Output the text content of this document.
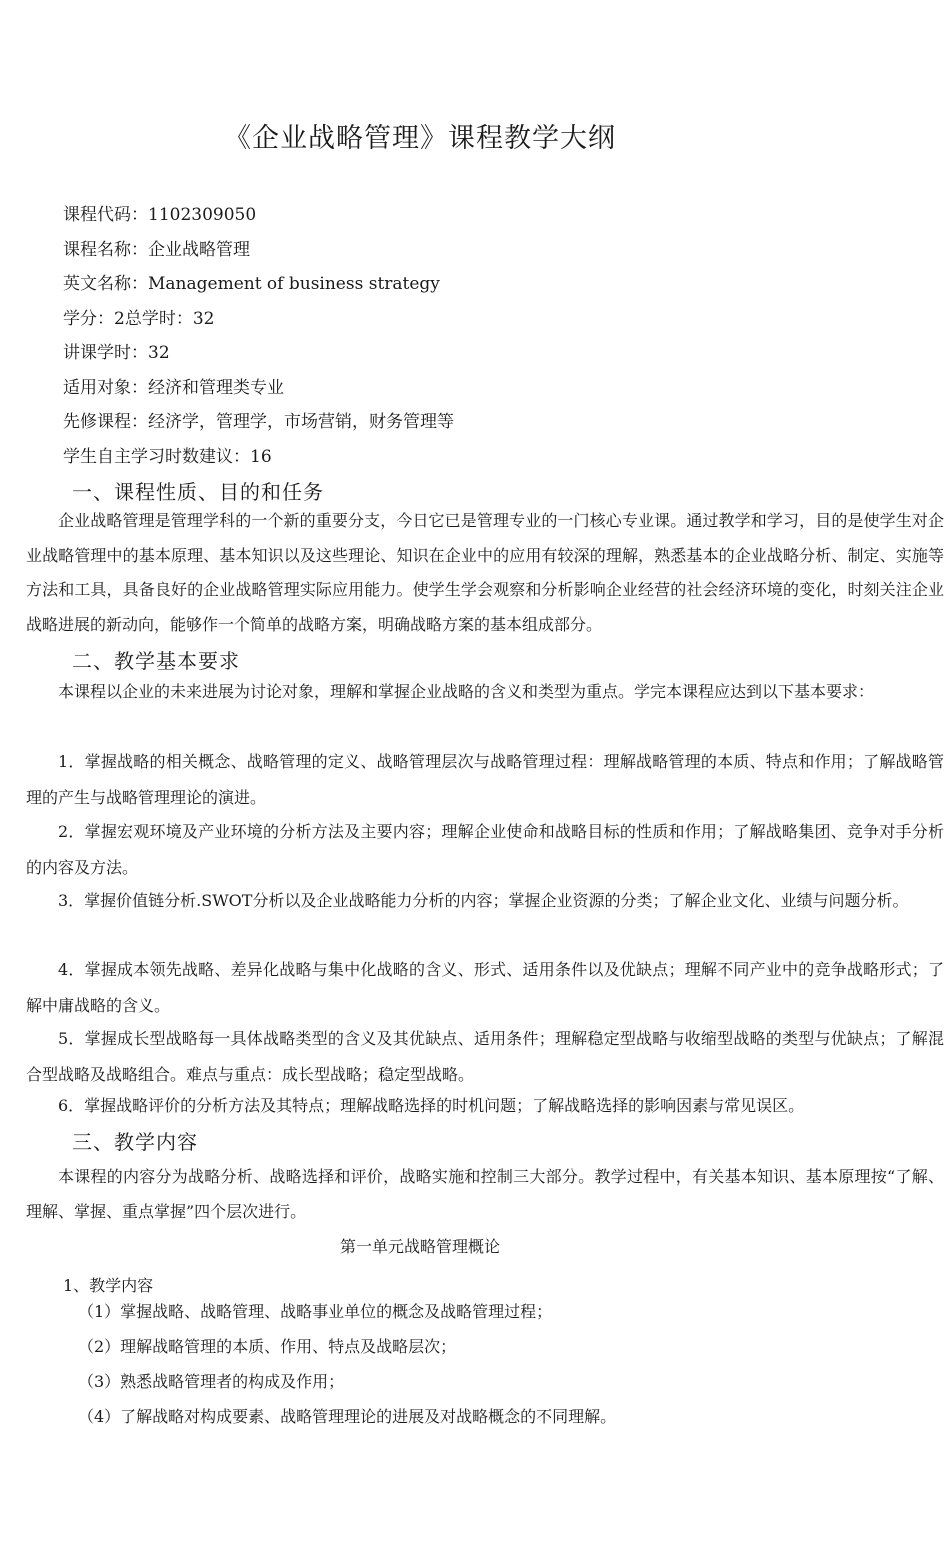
《企业战略管理》课程教学大纲
课程代码：1102309050
课程名称：企业战略管理
英文名称：Management of business strategy
学分：2总学时：32
讲课学时：32
适用对象：经济和管理类专业
先修课程：经济学，管理学，市场营销，财务管理等
学生自主学习时数建议：16
一、课程性质、目的和任务
企业战略管理是管理学科的一个新的重要分支，今日它已是管理专业的一门核心专业课。通过教学和学习，目的是使学生对企业战略管理中的基本原理、基本知识以及这些理论、知识在企业中的应用有较深的理解，熟悉基本的企业战略分析、制定、实施等方法和工具，具备良好的企业战略管理实际应用能力。使学生学会观察和分析影响企业经营的社会经济环境的变化，时刻关注企业战略进展的新动向，能够作一个简单的战略方案，明确战略方案的基本组成部分。
二、教学基本要求
本课程以企业的未来进展为讨论对象，理解和掌握企业战略的含义和类型为重点。学完本课程应达到以下基本要求：
1．掌握战略的相关概念、战略管理的定义、战略管理层次与战略管理过程：理解战略管理的本质、特点和作用；了解战略管理的产生与战略管理理论的演进。
2．掌握宏观环境及产业环境的分析方法及主要内容；理解企业使命和战略目标的性质和作用；了解战略集团、竞争对手分析的内容及方法。
3．掌握价值链分析.SWOT分析以及企业战略能力分析的内容；掌握企业资源的分类；了解企业文化、业绩与问题分析。
4．掌握成本领先战略、差异化战略与集中化战略的含义、形式、适用条件以及优缺点；理解不同产业中的竞争战略形式；了解中庸战略的含义。
5．掌握成长型战略每一具体战略类型的含义及其优缺点、适用条件；理解稳定型战略与收缩型战略的类型与优缺点；了解混合型战略及战略组合。难点与重点：成长型战略；稳定型战略。
6．掌握战略评价的分析方法及其特点；理解战略选择的时机问题；了解战略选择的影响因素与常见误区。
三、教学内容
本课程的内容分为战略分析、战略选择和评价，战略实施和控制三大部分。教学过程中，有关基本知识、基本原理按“了解、理解、掌握、重点掌握”四个层次进行。
第一单元战略管理概论
1、教学内容
（1）掌握战略、战略管理、战略事业单位的概念及战略管理过程；
（2）理解战略管理的本质、作用、特点及战略层次；
（3）熟悉战略管理者的构成及作用；
（4）了解战略对构成要素、战略管理理论的进展及对战略概念的不同理解。
